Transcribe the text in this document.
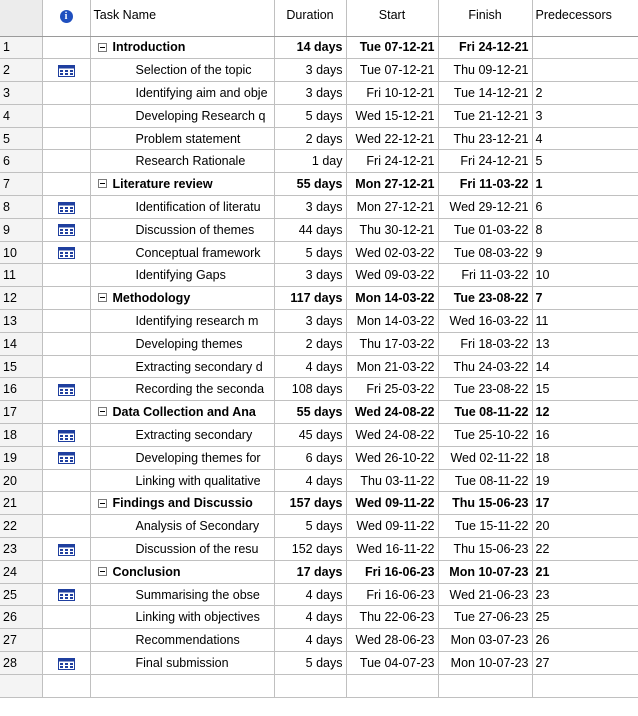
	i	Task Name	Duration	Start	Finish	Predecessors
1		Introduction	14 days	Tue 07-12-21	Fri 24-12-21	
2		Selection of the topic	3 days	Tue 07-12-21	Thu 09-12-21	
3		Identifying aim and obje	3 days	Fri 10-12-21	Tue 14-12-21	2
4		Developing Research q	5 days	Wed 15-12-21	Tue 21-12-21	3
5		Problem statement	2 days	Wed 22-12-21	Thu 23-12-21	4
6		Research Rationale	1 day	Fri 24-12-21	Fri 24-12-21	5
7		Literature review	55 days	Mon 27-12-21	Fri 11-03-22	1
8		Identification of literatu	3 days	Mon 27-12-21	Wed 29-12-21	6
9		Discussion of themes	44 days	Thu 30-12-21	Tue 01-03-22	8
10		Conceptual framework	5 days	Wed 02-03-22	Tue 08-03-22	9
11		Identifying Gaps	3 days	Wed 09-03-22	Fri 11-03-22	10
12		Methodology	117 days	Mon 14-03-22	Tue 23-08-22	7
13		Identifying research m	3 days	Mon 14-03-22	Wed 16-03-22	11
14		Developing themes	2 days	Thu 17-03-22	Fri 18-03-22	13
15		Extracting secondary d	4 days	Mon 21-03-22	Thu 24-03-22	14
16		Recording the seconda	108 days	Fri 25-03-22	Tue 23-08-22	15
17		Data Collection and Ana	55 days	Wed 24-08-22	Tue 08-11-22	12
18		Extracting secondary	45 days	Wed 24-08-22	Tue 25-10-22	16
19		Developing themes for	6 days	Wed 26-10-22	Wed 02-11-22	18
20		Linking with qualitative	4 days	Thu 03-11-22	Tue 08-11-22	19
21		Findings and Discussio	157 days	Wed 09-11-22	Thu 15-06-23	17
22		Analysis of Secondary	5 days	Wed 09-11-22	Tue 15-11-22	20
23		Discussion of the resu	152 days	Wed 16-11-22	Thu 15-06-23	22
24		Conclusion	17 days	Fri 16-06-23	Mon 10-07-23	21
25		Summarising the obse	4 days	Fri 16-06-23	Wed 21-06-23	23
26		Linking with objectives	4 days	Thu 22-06-23	Tue 27-06-23	25
27		Recommendations	4 days	Wed 28-06-23	Mon 03-07-23	26
28		Final submission	5 days	Tue 04-07-23	Mon 10-07-23	27
